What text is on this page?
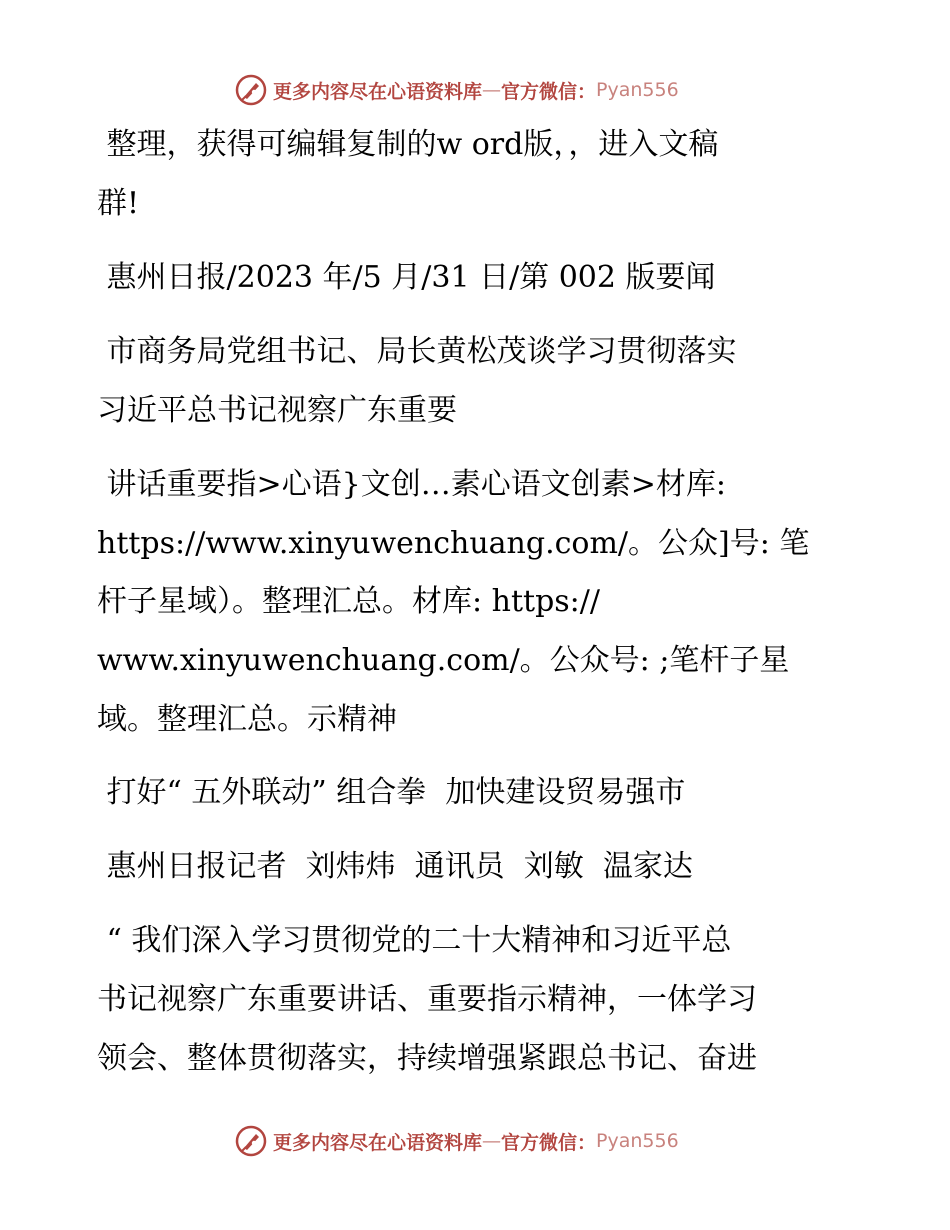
更多内容尽在心语资料库 — 官方微信： Pyan556
整理，获得可编辑复制的w ord版，，进入文稿
群!
惠州日报/2023 年/5 月/31 日/第 002 版要闻
市商务局党组书记、局长黄松茂谈学习贯彻落实
习近平总书记视察广东重要
讲话重要指>心语}文创…素心语文创素>材库:
https://www.xinyuwenchuang.com/。公众]号: 笔
杆子星域）。整理汇总。材库: https://
www.xinyuwenchuang.com/。公众号: ;笔杆子星
域。整理汇总。示精神
打好“ 五外联动” 组合拳  加快建设贸易强市
惠州日报记者  刘炜炜  通讯员  刘敏  温家达
“ 我们深入学习贯彻党的二十大精神和习近平总
书记视察广东重要讲话、重要指示精神，一体学习
领会、整体贯彻落实，持续增强紧跟总书记、奋进
更多内容尽在心语资料库 — 官方微信： Pyan556
